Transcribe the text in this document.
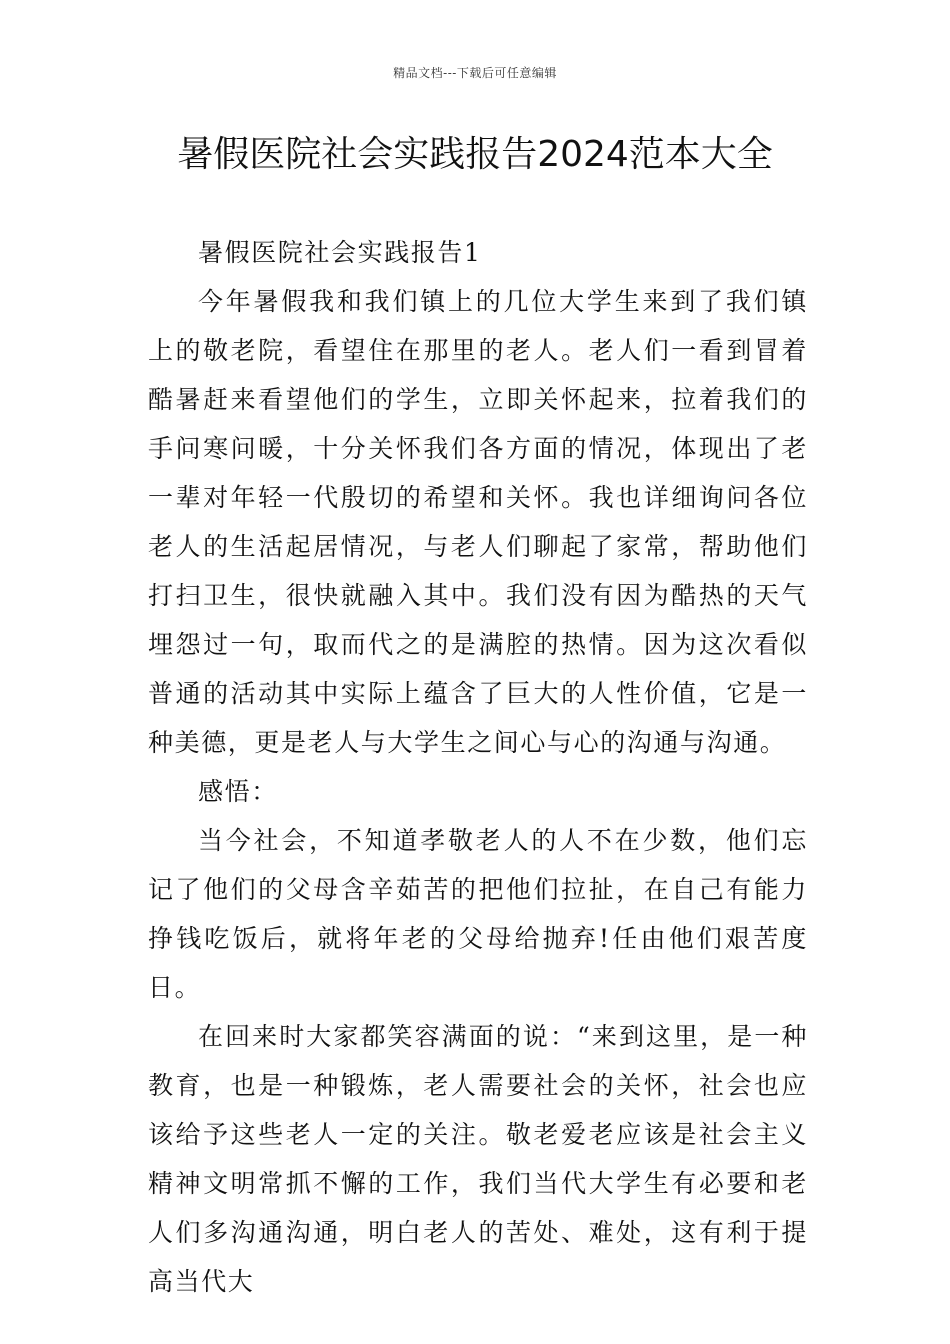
精品文档---下载后可任意编辑
暑假医院社会实践报告2024范本大全

暑假医院社会实践报告1

今年暑假我和我们镇上的几位大学生来到了我们镇上的敬老院，看望住在那里的老人。老人们一看到冒着酷暑赶来看望他们的学生，立即关怀起来，拉着我们的手问寒问暖，十分关怀我们各方面的情况，体现出了老一辈对年轻一代殷切的希望和关怀。我也详细询问各位老人的生活起居情况，与老人们聊起了家常，帮助他们打扫卫生，很快就融入其中。我们没有因为酷热的天气埋怨过一句，取而代之的是满腔的热情。因为这次看似普通的活动其中实际上蕴含了巨大的人性价值，它是一种美德，更是老人与大学生之间心与心的沟通与沟通。

感悟：

当今社会，不知道孝敬老人的人不在少数，他们忘记了他们的父母含辛茹苦的把他们拉扯，在自己有能力挣钱吃饭后，就将年老的父母给抛弃!任由他们艰苦度日。

在回来时大家都笑容满面的说：“来到这里，是一种教育，也是一种锻炼，老人需要社会的关怀，社会也应该给予这些老人一定的关注。敬老爱老应该是社会主义精神文明常抓不懈的工作，我们当代大学生有必要和老人们多沟通沟通，明白老人的苦处、难处，这有利于提高当代大
